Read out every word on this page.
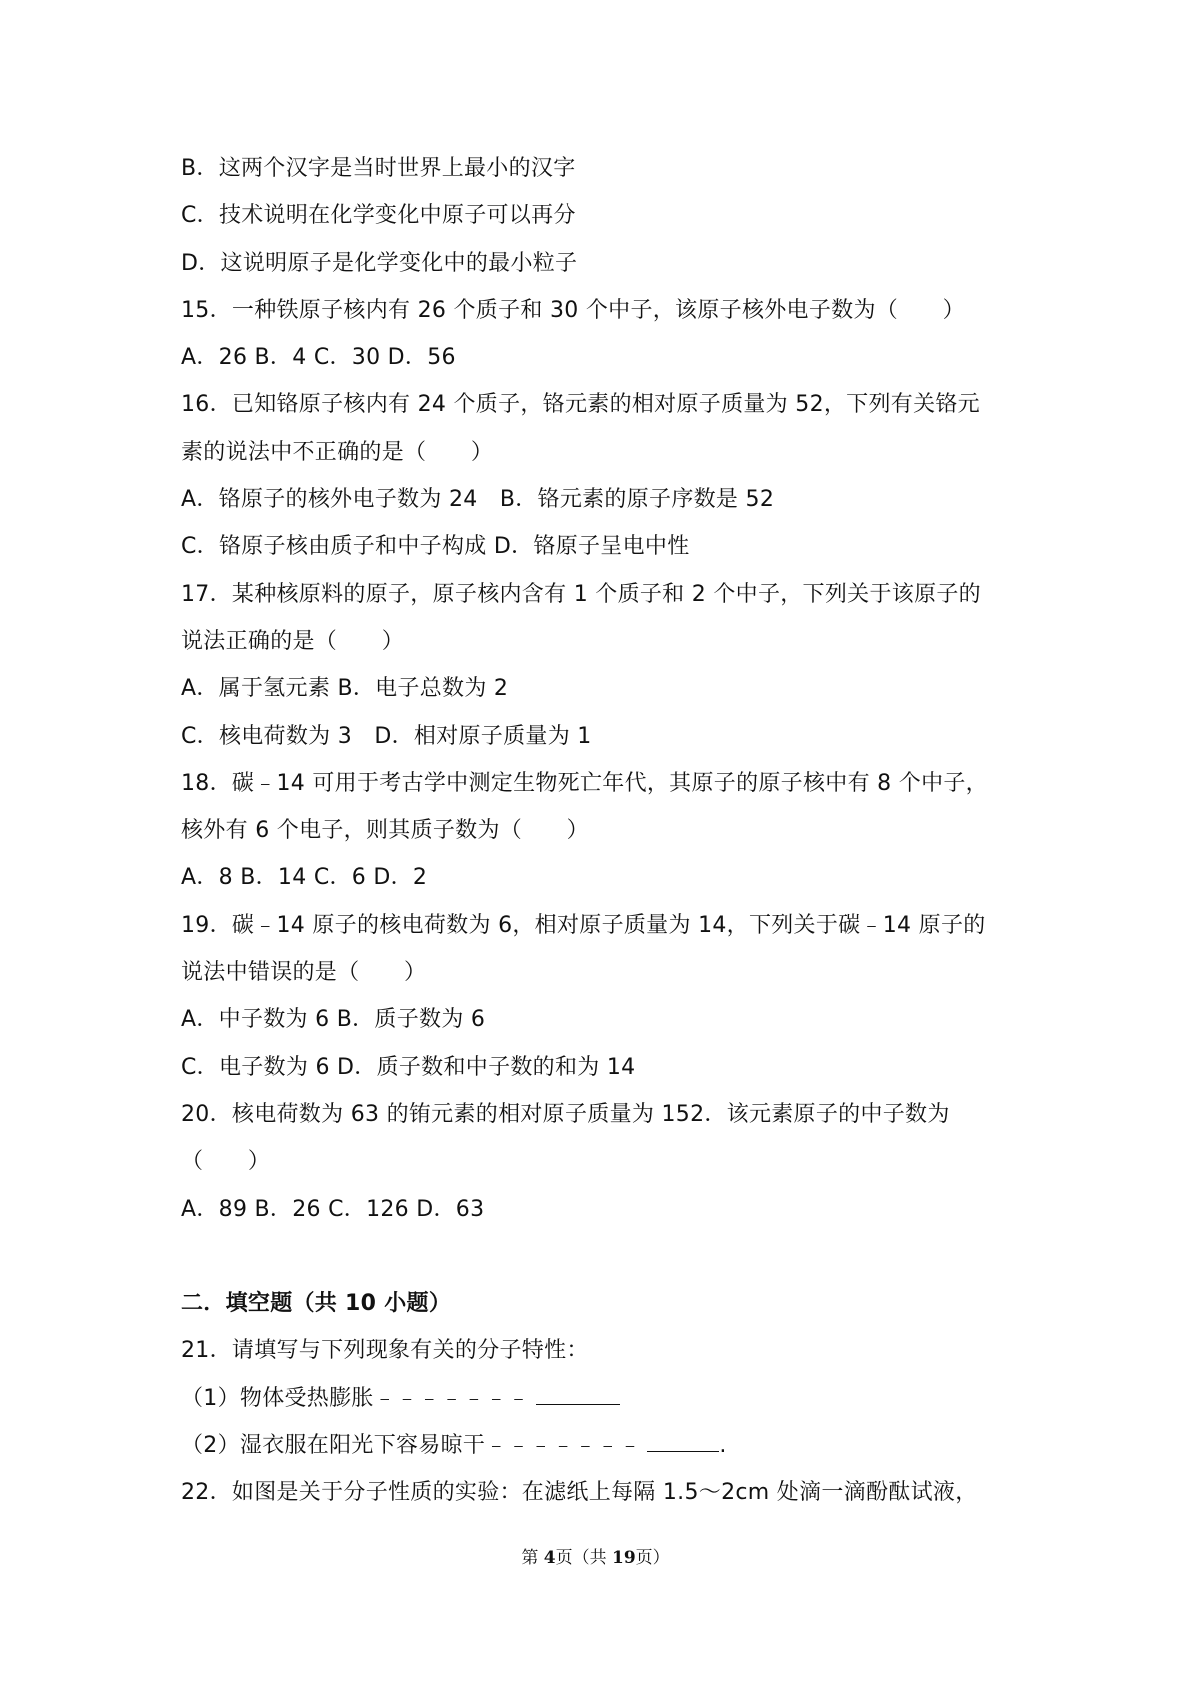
B．这两个汉字是当时世界上最小的汉字
C．技术说明在化学变化中原子可以再分
D．这说明原子是化学变化中的最小粒子
15．一种铁原子核内有 26 个质子和 30 个中子，该原子核外电子数为（　　）
A．26 B．4 C．30 D．56
16．已知铬原子核内有 24 个质子，铬元素的相对原子质量为 52，下列有关铬元
素的说法中不正确的是（　　）
A．铬原子的核外电子数为 24　B．铬元素的原子序数是 52
C．铬原子核由质子和中子构成 D．铬原子呈电中性
17．某种核原料的原子，原子核内含有 1 个质子和 2 个中子，下列关于该原子的
说法正确的是（　　）
A．属于氢元素 B．电子总数为 2
C．核电荷数为 3　D．相对原子质量为 1
18．碳﹣14 可用于考古学中测定生物死亡年代，其原子的原子核中有 8 个中子，
核外有 6 个电子，则其质子数为（　　）
A．8 B．14 C．6 D．2
19．碳﹣14 原子的核电荷数为 6，相对原子质量为 14，下列关于碳﹣14 原子的
说法中错误的是（　　）
A．中子数为 6 B．质子数为 6
C．电子数为 6 D．质子数和中子数的和为 14
20．核电荷数为 63 的铕元素的相对原子质量为 152．该元素原子的中子数为
（　　）
A．89 B．26 C．126 D．63
二．填空题（共 10 小题）
21．请填写与下列现象有关的分子特性：
（1）物体受热膨胀﹣﹣﹣﹣﹣﹣﹣
（2）湿衣服在阳光下容易晾干﹣﹣﹣﹣﹣﹣﹣	.
22．如图是关于分子性质的实验：在滤纸上每隔 1.5～2cm 处滴一滴酚酞试液，
第 4页（共 19页）
